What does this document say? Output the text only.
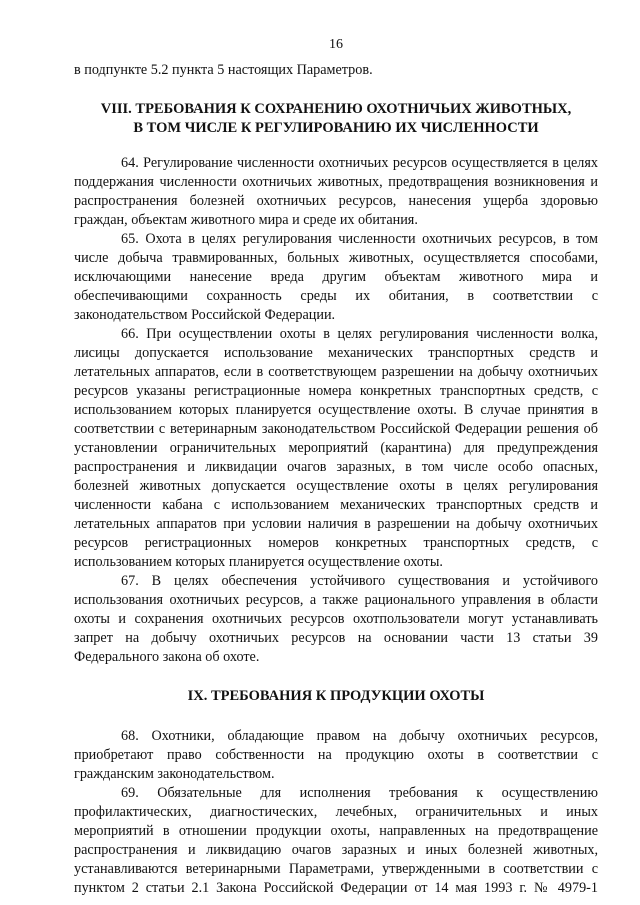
16

в подпункте 5.2 пункта 5 настоящих Параметров.

VIII. ТРЕБОВАНИЯ К СОХРАНЕНИЮ ОХОТНИЧЬИХ ЖИВОТНЫХ,
В ТОМ ЧИСЛЕ К РЕГУЛИРОВАНИЮ ИХ ЧИСЛЕННОСТИ

64. Регулирование численности охотничьих ресурсов осуществляется в целях поддержания численности охотничьих животных, предотвращения возникновения и распространения болезней охотничьих ресурсов, нанесения ущерба здоровью граждан, объектам животного мира и среде их обитания.

65. Охота в целях регулирования численности охотничьих ресурсов, в том числе добыча травмированных, больных животных, осуществляется способами, исключающими нанесение вреда другим объектам животного мира и обеспечивающими сохранность среды их обитания, в соответствии с законодательством Российской Федерации.

66. При осуществлении охоты в целях регулирования численности волка, лисицы допускается использование механических транспортных средств и летательных аппаратов, если в соответствующем разрешении на добычу охотничьих ресурсов указаны регистрационные номера конкретных транспортных средств, с использованием которых планируется осуществление охоты. В случае принятия в соответствии с ветеринарным законодательством Российской Федерации решения об установлении ограничительных мероприятий (карантина) для предупреждения распространения и ликвидации очагов заразных, в том числе особо опасных, болезней животных допускается осуществление охоты в целях регулирования численности кабана с использованием механических транспортных средств и летательных аппаратов при условии наличия в разрешении на добычу охотничьих ресурсов регистрационных номеров конкретных транспортных средств, с использованием которых планируется осуществление охоты.

67. В целях обеспечения устойчивого существования и устойчивого использования охотничьих ресурсов, а также рационального управления в области охоты и сохранения охотничьих ресурсов охотпользователи могут устанавливать запрет на добычу охотничьих ресурсов на основании части 13 статьи 39 Федерального закона об охоте.

IX. ТРЕБОВАНИЯ К ПРОДУКЦИИ ОХОТЫ

68. Охотники, обладающие правом на добычу охотничьих ресурсов, приобретают право собственности на продукцию охоты в соответствии с гражданским законодательством.

69. Обязательные для исполнения требования к осуществлению профилактических, диагностических, лечебных, ограничительных и иных мероприятий в отношении продукции охоты, направленных на предотвращение распространения и ликвидацию очагов заразных и иных болезней животных, устанавливаются ветеринарными Параметрами, утвержденными в соответствии с пунктом 2 статьи 2.1 Закона Российской Федерации от 14 мая 1993 г. № 4979-1
